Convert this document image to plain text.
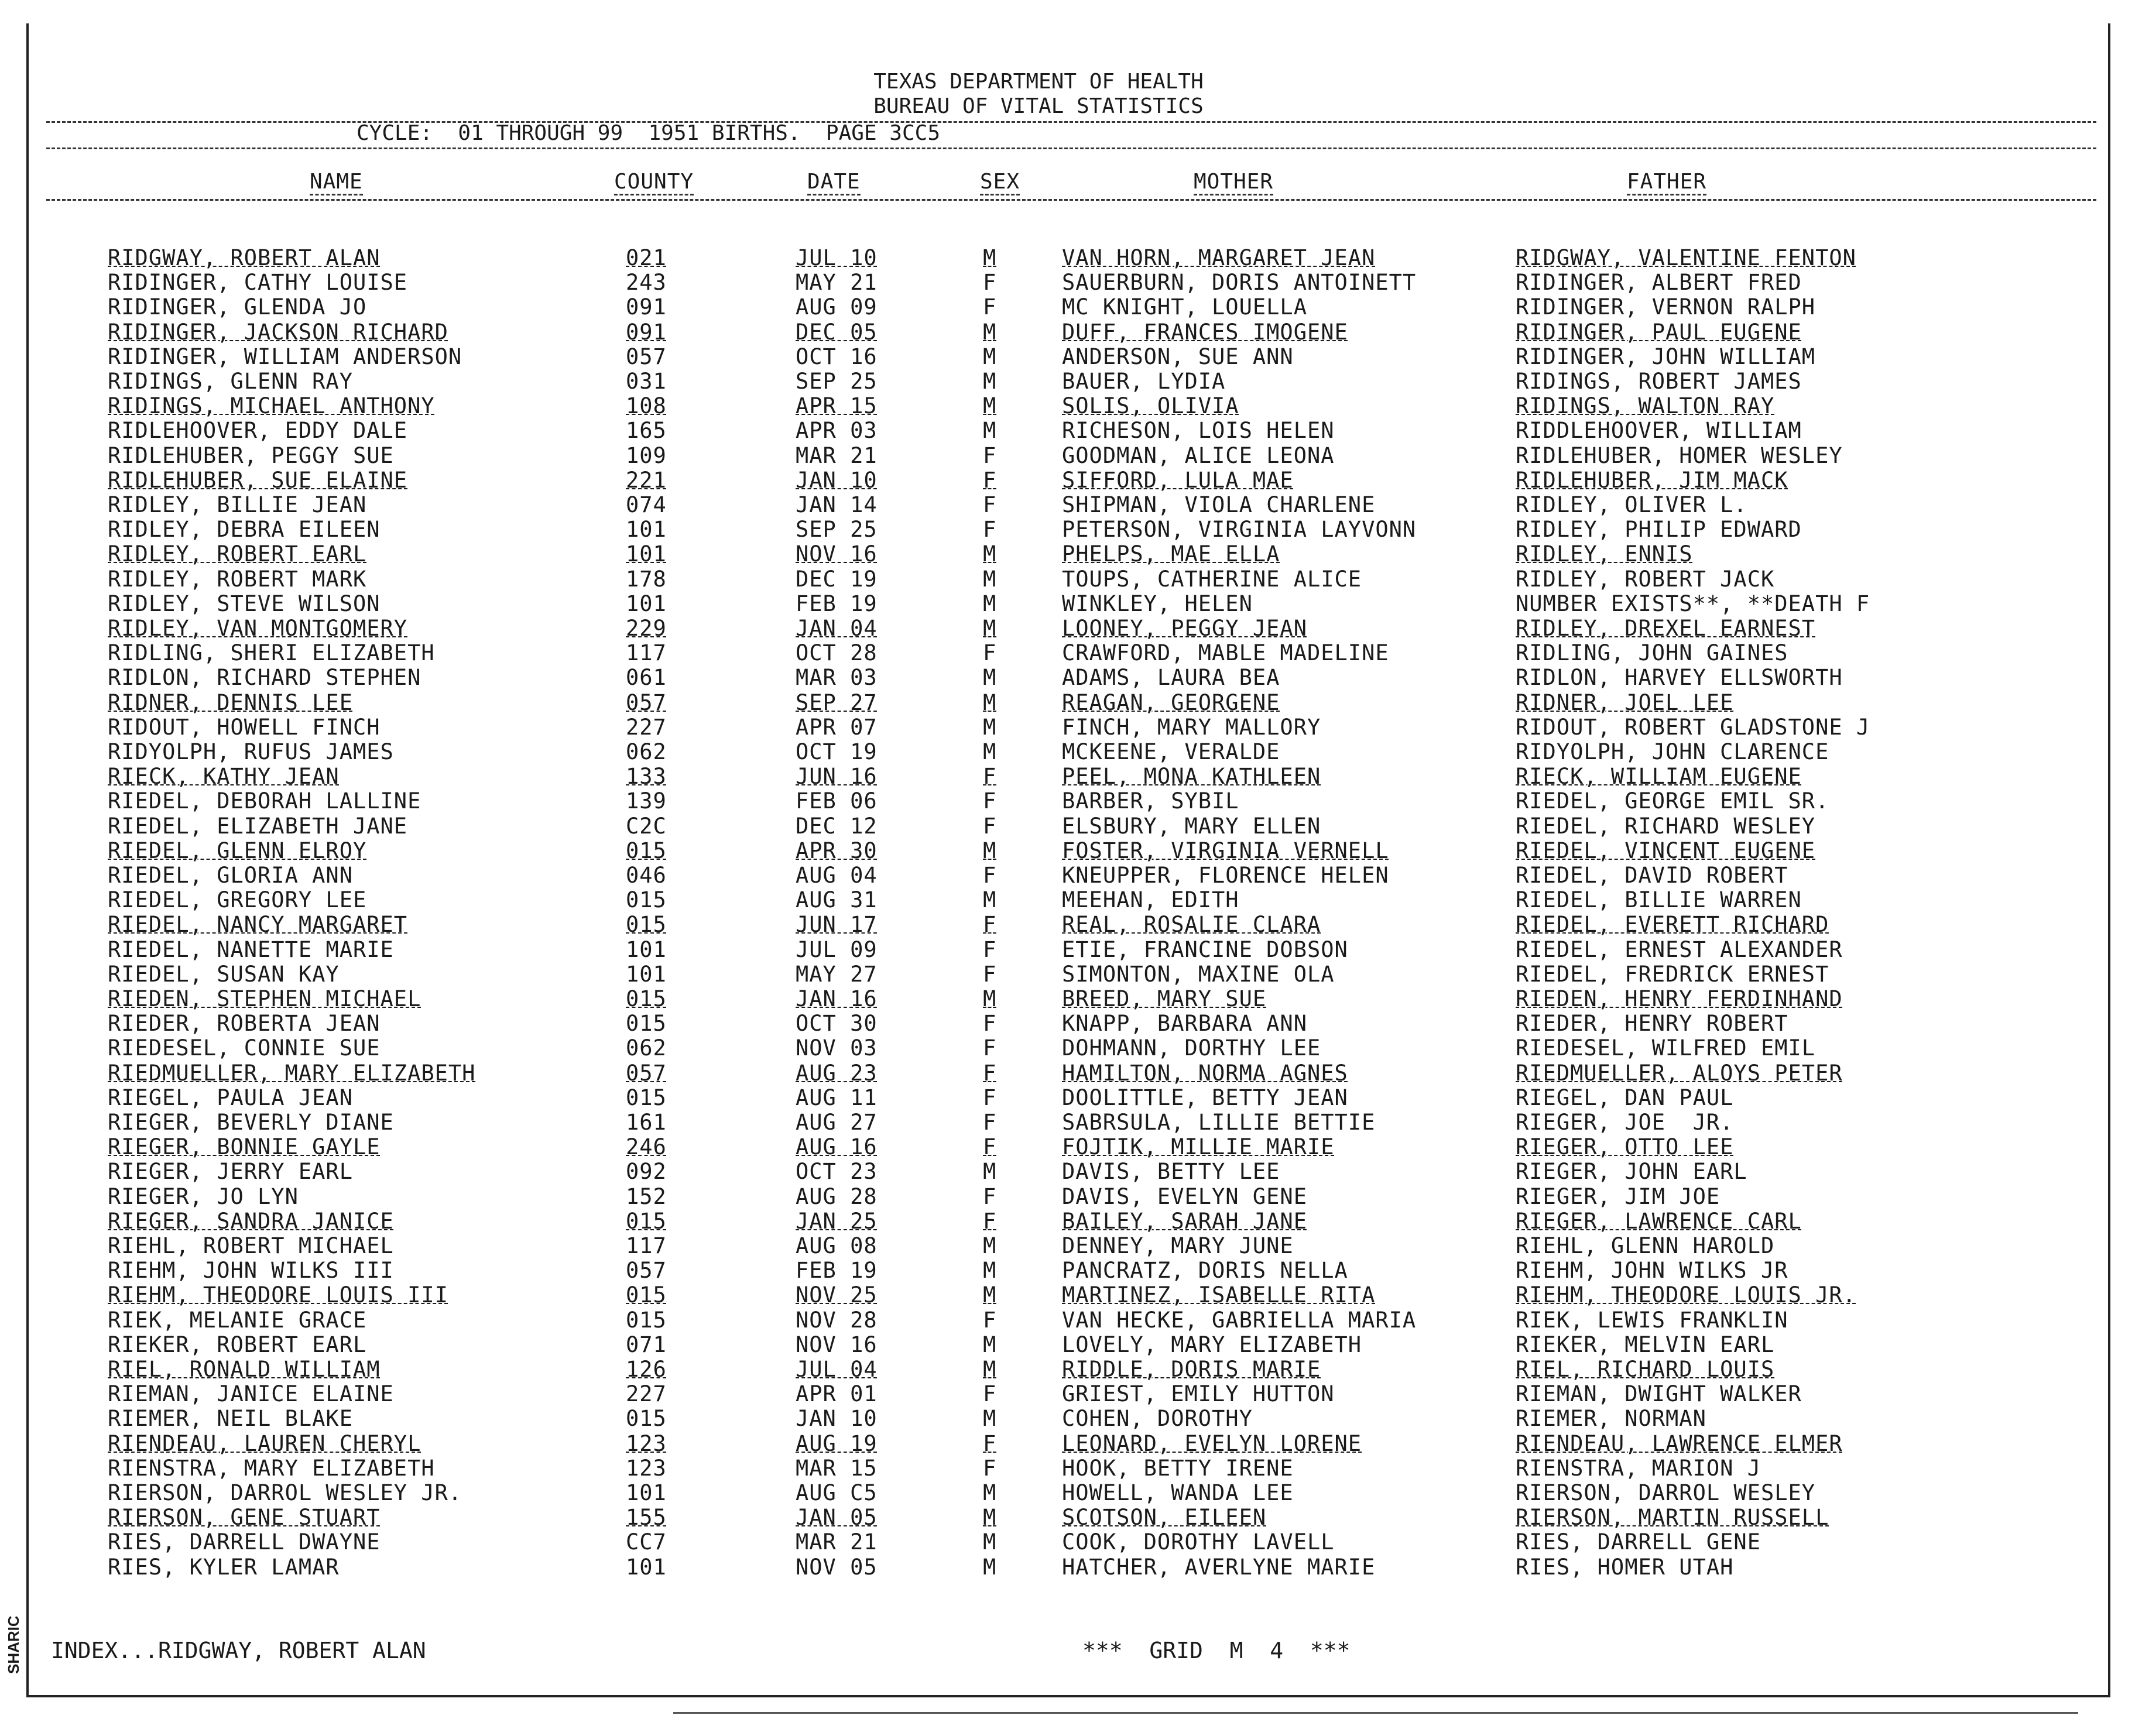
TEXAS DEPARTMENT OF HEALTH
BUREAU OF VITAL STATISTICS
CYCLE:  01 THROUGH 99  1951 BIRTHS.  PAGE 3CC5
NAME	COUNTY	DATE	SEX	MOTHER	FATHER
RIDGWAY, ROBERT ALAN	021	JUL 10	M	VAN HORN, MARGARET JEAN	RIDGWAY, VALENTINE FENTON
RIDINGER, CATHY LOUISE	243	MAY 21	F	SAUERBURN, DORIS ANTOINETT	RIDINGER, ALBERT FRED
RIDINGER, GLENDA JO	091	AUG 09	F	MC KNIGHT, LOUELLA	RIDINGER, VERNON RALPH
RIDINGER, JACKSON RICHARD	091	DEC 05	M	DUFF, FRANCES IMOGENE	RIDINGER, PAUL EUGENE
RIDINGER, WILLIAM ANDERSON	057	OCT 16	M	ANDERSON, SUE ANN	RIDINGER, JOHN WILLIAM
RIDINGS, GLENN RAY	031	SEP 25	M	BAUER, LYDIA	RIDINGS, ROBERT JAMES
RIDINGS, MICHAEL ANTHONY	108	APR 15	M	SOLIS, OLIVIA	RIDINGS, WALTON RAY
RIDLEHOOVER, EDDY DALE	165	APR 03	M	RICHESON, LOIS HELEN	RIDDLEHOOVER, WILLIAM
RIDLEHUBER, PEGGY SUE	109	MAR 21	F	GOODMAN, ALICE LEONA	RIDLEHUBER, HOMER WESLEY
RIDLEHUBER, SUE ELAINE	221	JAN 10	F	SIFFORD, LULA MAE	RIDLEHUBER, JIM MACK
RIDLEY, BILLIE JEAN	074	JAN 14	F	SHIPMAN, VIOLA CHARLENE	RIDLEY, OLIVER L.
RIDLEY, DEBRA EILEEN	101	SEP 25	F	PETERSON, VIRGINIA LAYVONN	RIDLEY, PHILIP EDWARD
RIDLEY, ROBERT EARL	101	NOV 16	M	PHELPS, MAE ELLA	RIDLEY, ENNIS
RIDLEY, ROBERT MARK	178	DEC 19	M	TOUPS, CATHERINE ALICE	RIDLEY, ROBERT JACK
RIDLEY, STEVE WILSON	101	FEB 19	M	WINKLEY, HELEN	NUMBER EXISTS**, **DEATH F
RIDLEY, VAN MONTGOMERY	229	JAN 04	M	LOONEY, PEGGY JEAN	RIDLEY, DREXEL EARNEST
RIDLING, SHERI ELIZABETH	117	OCT 28	F	CRAWFORD, MABLE MADELINE	RIDLING, JOHN GAINES
RIDLON, RICHARD STEPHEN	061	MAR 03	M	ADAMS, LAURA BEA	RIDLON, HARVEY ELLSWORTH
RIDNER, DENNIS LEE	057	SEP 27	M	REAGAN, GEORGENE	RIDNER, JOEL LEE
RIDOUT, HOWELL FINCH	227	APR 07	M	FINCH, MARY MALLORY	RIDOUT, ROBERT GLADSTONE J
RIDYOLPH, RUFUS JAMES	062	OCT 19	M	MCKEENE, VERALDE	RIDYOLPH, JOHN CLARENCE
RIECK, KATHY JEAN	133	JUN 16	F	PEEL, MONA KATHLEEN	RIECK, WILLIAM EUGENE
RIEDEL, DEBORAH LALLINE	139	FEB 06	F	BARBER, SYBIL	RIEDEL, GEORGE EMIL SR.
RIEDEL, ELIZABETH JANE	C2C	DEC 12	F	ELSBURY, MARY ELLEN	RIEDEL, RICHARD WESLEY
RIEDEL, GLENN ELROY	015	APR 30	M	FOSTER, VIRGINIA VERNELL	RIEDEL, VINCENT EUGENE
RIEDEL, GLORIA ANN	046	AUG 04	F	KNEUPPER, FLORENCE HELEN	RIEDEL, DAVID ROBERT
RIEDEL, GREGORY LEE	015	AUG 31	M	MEEHAN, EDITH	RIEDEL, BILLIE WARREN
RIEDEL, NANCY MARGARET	015	JUN 17	F	REAL, ROSALIE CLARA	RIEDEL, EVERETT RICHARD
RIEDEL, NANETTE MARIE	101	JUL 09	F	ETIE, FRANCINE DOBSON	RIEDEL, ERNEST ALEXANDER
RIEDEL, SUSAN KAY	101	MAY 27	F	SIMONTON, MAXINE OLA	RIEDEL, FREDRICK ERNEST
RIEDEN, STEPHEN MICHAEL	015	JAN 16	M	BREED, MARY SUE	RIEDEN, HENRY FERDINHAND
RIEDER, ROBERTA JEAN	015	OCT 30	F	KNAPP, BARBARA ANN	RIEDER, HENRY ROBERT
RIEDESEL, CONNIE SUE	062	NOV 03	F	DOHMANN, DORTHY LEE	RIEDESEL, WILFRED EMIL
RIEDMUELLER, MARY ELIZABETH	057	AUG 23	F	HAMILTON, NORMA AGNES	RIEDMUELLER, ALOYS PETER
RIEGEL, PAULA JEAN	015	AUG 11	F	DOOLITTLE, BETTY JEAN	RIEGEL, DAN PAUL
RIEGER, BEVERLY DIANE	161	AUG 27	F	SABRSULA, LILLIE BETTIE	RIEGER, JOE  JR.
RIEGER, BONNIE GAYLE	246	AUG 16	F	FOJTIK, MILLIE MARIE	RIEGER, OTTO LEE
RIEGER, JERRY EARL	092	OCT 23	M	DAVIS, BETTY LEE	RIEGER, JOHN EARL
RIEGER, JO LYN	152	AUG 28	F	DAVIS, EVELYN GENE	RIEGER, JIM JOE
RIEGER, SANDRA JANICE	015	JAN 25	F	BAILEY, SARAH JANE	RIEGER, LAWRENCE CARL
RIEHL, ROBERT MICHAEL	117	AUG 08	M	DENNEY, MARY JUNE	RIEHL, GLENN HAROLD
RIEHM, JOHN WILKS III	057	FEB 19	M	PANCRATZ, DORIS NELLA	RIEHM, JOHN WILKS JR
RIEHM, THEODORE LOUIS III	015	NOV 25	M	MARTINEZ, ISABELLE RITA	RIEHM, THEODORE LOUIS JR.
RIEK, MELANIE GRACE	015	NOV 28	F	VAN HECKE, GABRIELLA MARIA	RIEK, LEWIS FRANKLIN
RIEKER, ROBERT EARL	071	NOV 16	M	LOVELY, MARY ELIZABETH	RIEKER, MELVIN EARL
RIEL, RONALD WILLIAM	126	JUL 04	M	RIDDLE, DORIS MARIE	RIEL, RICHARD LOUIS
RIEMAN, JANICE ELAINE	227	APR 01	F	GRIEST, EMILY HUTTON	RIEMAN, DWIGHT WALKER
RIEMER, NEIL BLAKE	015	JAN 10	M	COHEN, DOROTHY	RIEMER, NORMAN
RIENDEAU, LAUREN CHERYL	123	AUG 19	F	LEONARD, EVELYN LORENE	RIENDEAU, LAWRENCE ELMER
RIENSTRA, MARY ELIZABETH	123	MAR 15	F	HOOK, BETTY IRENE	RIENSTRA, MARION J
RIERSON, DARROL WESLEY JR.	101	AUG C5	M	HOWELL, WANDA LEE	RIERSON, DARROL WESLEY
RIERSON, GENE STUART	155	JAN 05	M	SCOTSON, EILEEN	RIERSON, MARTIN RUSSELL
RIES, DARRELL DWAYNE	CC7	MAR 21	M	COOK, DOROTHY LAVELL	RIES, DARRELL GENE
RIES, KYLER LAMAR	101	NOV 05	M	HATCHER, AVERLYNE MARIE	RIES, HOMER UTAH
INDEX...RIDGWAY, ROBERT ALAN	***  GRID  M  4  ***
SHARIC
